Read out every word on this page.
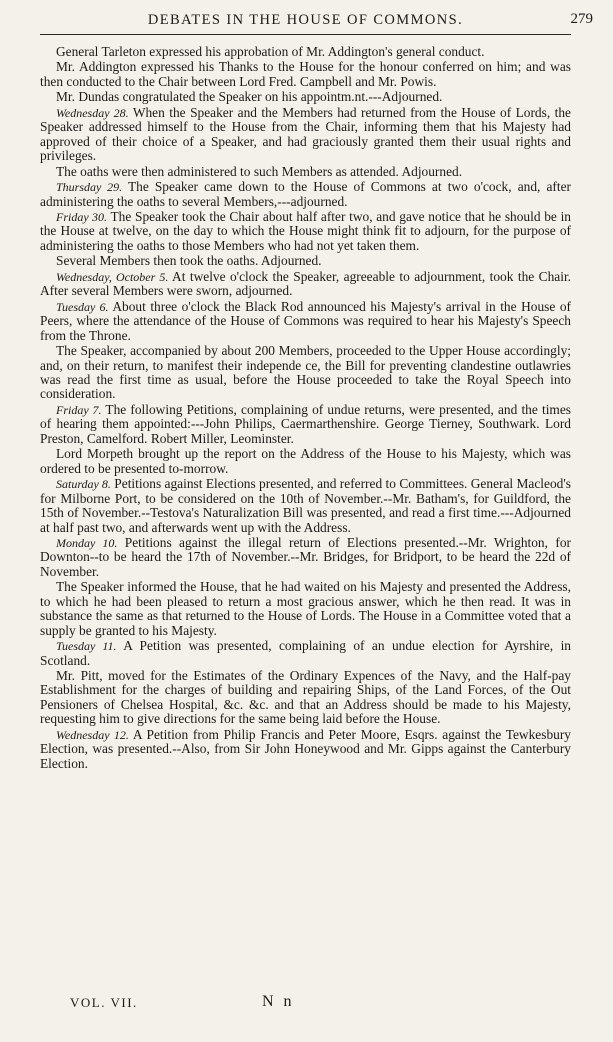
DEBATES IN THE HOUSE OF COMMONS.	279

General Tarleton expressed his approbation of Mr. Addington's general conduct.

Mr. Addington expressed his Thanks to the House for the honour conferred on him; and was then conducted to the Chair between Lord Fred. Campbell and Mr. Powis.

Mr. Dundas congratulated the Speaker on his appointm.nt.---Adjourned.

Wednesday 28. When the Speaker and the Members had returned from the House of Lords, the Speaker addressed himself to the House from the Chair, informing them that his Majesty had approved of their choice of a Speaker, and had graciously granted them their usual rights and privileges.

The oaths were then administered to such Members as attended. Adjourned.

Thursday 29. The Speaker came down to the House of Commons at two o'cock, and, after administering the oaths to several Members,---adjourned.

Friday 30. The Speaker took the Chair about half after two, and gave notice that he should be in the House at twelve, on the day to which the House might think fit to adjourn, for the purpose of administering the oaths to those Members who had not yet taken them.

Several Members then took the oaths. Adjourned.

Wednesday, October 5. At twelve o'clock the Speaker, agreeable to adjournment, took the Chair. After several Members were sworn, adjourned.

Tuesday 6. About three o'clock the Black Rod announced his Majesty's arrival in the House of Peers, where the attendance of the House of Commons was required to hear his Majesty's Speech from the Throne.

The Speaker, accompanied by about 200 Members, proceeded to the Upper House accordingly; and, on their return, to manifest their independe ce, the Bill for preventing clandestine outlawries was read the first time as usual, before the House proceeded to take the Royal Speech into consideration.

Friday 7. The following Petitions, complaining of undue returns, were presented, and the times of hearing them appointed:---John Philips, Caermarthenshire. George Tierney, Southwark. Lord Preston, Camelford. Robert Miller, Leominster.

Lord Morpeth brought up the report on the Address of the House to his Majesty, which was ordered to be presented to-morrow.

Saturday 8. Petitions against Elections presented, and referred to Committees. General Macleod's for Milborne Port, to be considered on the 10th of November.--Mr. Batham's, for Guildford, the 15th of November.--Testova's Naturalization Bill was presented, and read a first time.---Adjourned at half past two, and afterwards went up with the Address.

Monday 10. Petitions against the illegal return of Elections presented.--Mr. Wrighton, for Downton--to be heard the 17th of November.--Mr. Bridges, for Bridport, to be heard the 22d of November.

The Speaker informed the House, that he had waited on his Majesty and presented the Address, to which he had been pleased to return a most gracious answer, which he then read. It was in substance the same as that returned to the House of Lords. The House in a Committee voted that a supply be granted to his Majesty.

Tuesday 11. A Petition was presented, complaining of an undue election for Ayrshire, in Scotland.

Mr. Pitt, moved for the Estimates of the Ordinary Expences of the Navy, and the Half-pay Establishment for the charges of building and repairing Ships, of the Land Forces, of the Out Pensioners of Chelsea Hospital, &c. &c. and that an Address should be made to his Majesty, requesting him to give directions for the same being laid before the House.

Wednesday 12. A Petition from Philip Francis and Peter Moore, Esqrs. against the Tewkesbury Election, was presented.--Also, from Sir John Honeywood and Mr. Gipps against the Canterbury Election.

VOL. VII.	N n
